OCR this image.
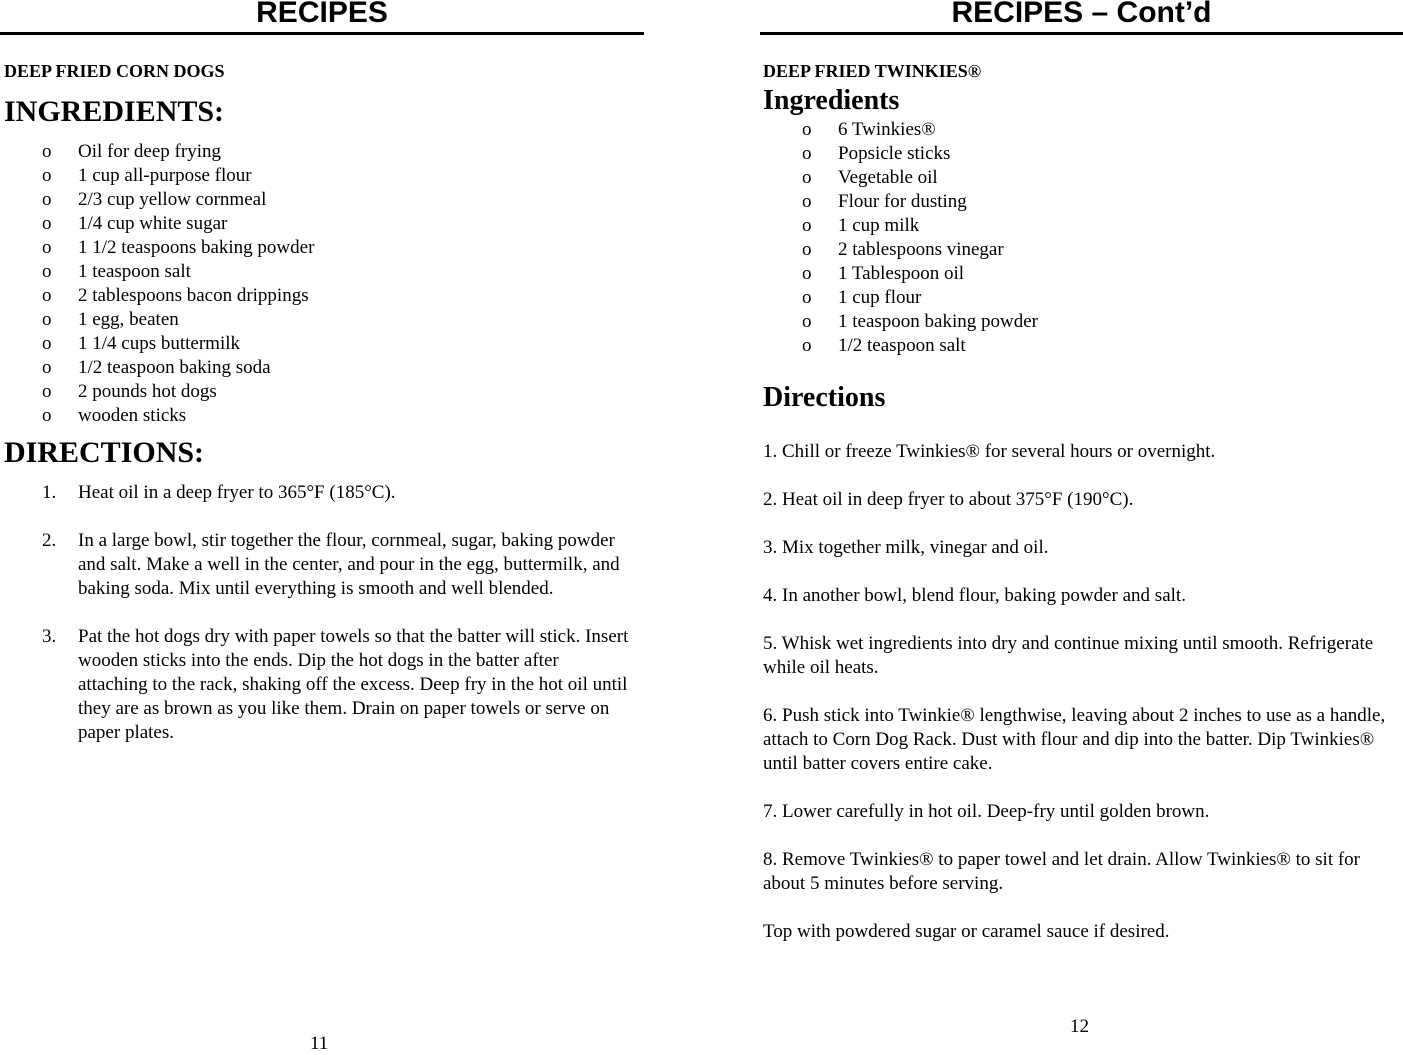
RECIPES
DEEP FRIED CORN DOGS
INGREDIENTS:
o Oil for deep frying
o 1 cup all-purpose flour
o 2/3 cup yellow cornmeal
o 1/4 cup white sugar
o 1 1/2 teaspoons baking powder
o 1 teaspoon salt
o 2 tablespoons bacon drippings
o 1 egg, beaten
o 1 1/4 cups buttermilk
o 1/2 teaspoon baking soda
o 2 pounds hot dogs
o wooden sticks
DIRECTIONS:
1. Heat oil in a deep fryer to 365°F (185°C).
2. In a large bowl, stir together the flour, cornmeal, sugar, baking powder and salt. Make a well in the center, and pour in the egg, buttermilk, and baking soda. Mix until everything is smooth and well blended.
3. Pat the hot dogs dry with paper towels so that the batter will stick. Insert wooden sticks into the ends. Dip the hot dogs in the batter after attaching to the rack, shaking off the excess. Deep fry in the hot oil until they are as brown as you like them. Drain on paper towels or serve on paper plates.
11
RECIPES – Cont’d
DEEP FRIED TWINKIES®
Ingredients
o 6 Twinkies®
o Popsicle sticks
o Vegetable oil
o Flour for dusting
o 1 cup milk
o 2 tablespoons vinegar
o 1 Tablespoon oil
o 1 cup flour
o 1 teaspoon baking powder
o 1/2 teaspoon salt
Directions

1. Chill or freeze Twinkies® for several hours or overnight.

2. Heat oil in deep fryer to about 375°F (190°C).

3. Mix together milk, vinegar and oil.

4. In another bowl, blend flour, baking powder and salt.

5. Whisk wet ingredients into dry and continue mixing until smooth. Refrigerate while oil heats.

6. Push stick into Twinkie® lengthwise, leaving about 2 inches to use as a handle, attach to Corn Dog Rack. Dust with flour and dip into the batter. Dip Twinkies® until batter covers entire cake.

7. Lower carefully in hot oil. Deep-fry until golden brown.

8. Remove Twinkies® to paper towel and let drain. Allow Twinkies® to sit for about 5 minutes before serving.

Top with powdered sugar or caramel sauce if desired.

12
